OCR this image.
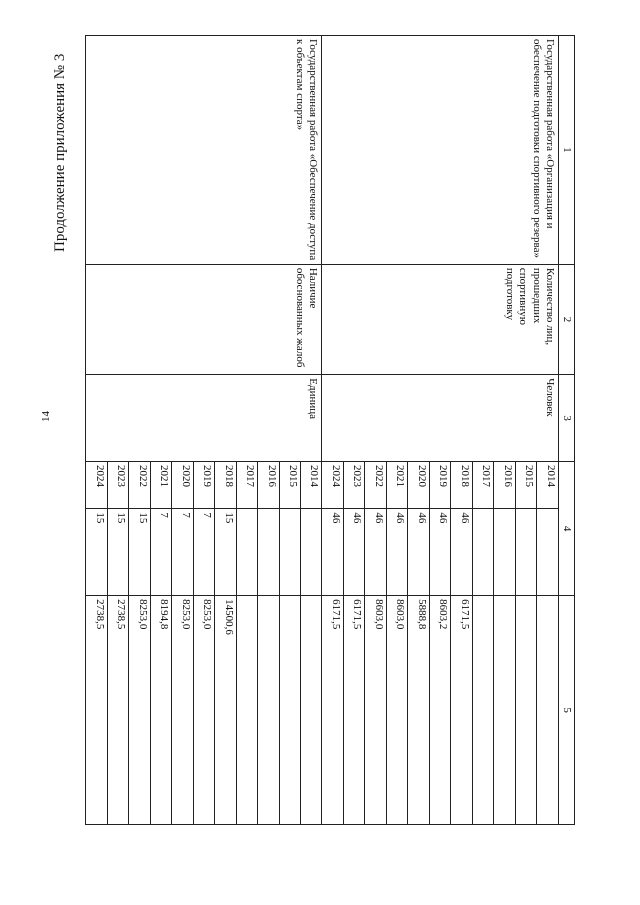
14
Продолжение приложения № 3	1	2	3	4		5
Государственная работа «Организация и обеспечение подготовки спортивного резерва»	Количество лиц, прошедших спортивную подготовку	Человек	2014		
			2015		
			2016		
			2017		
			2018	46	6171,5
			2019	46	8603,2
			2020	46	5888,8
			2021	46	8603,0
			2022	46	8603,0
			2023	46	6171,5
			2024	46	6171,5
Государственная работа «Обеспечение доступа к объектам спорта»	Наличие обоснованных жалоб	Единица	2014		
			2015		
			2016		
			2017		
			2018	15	14500,6
			2019	7	8253,0
			2020	7	8253,0
			2021	7	8194,8
			2022	15	8253,0
			2023	15	2738,5
			2024	15	2738,5
